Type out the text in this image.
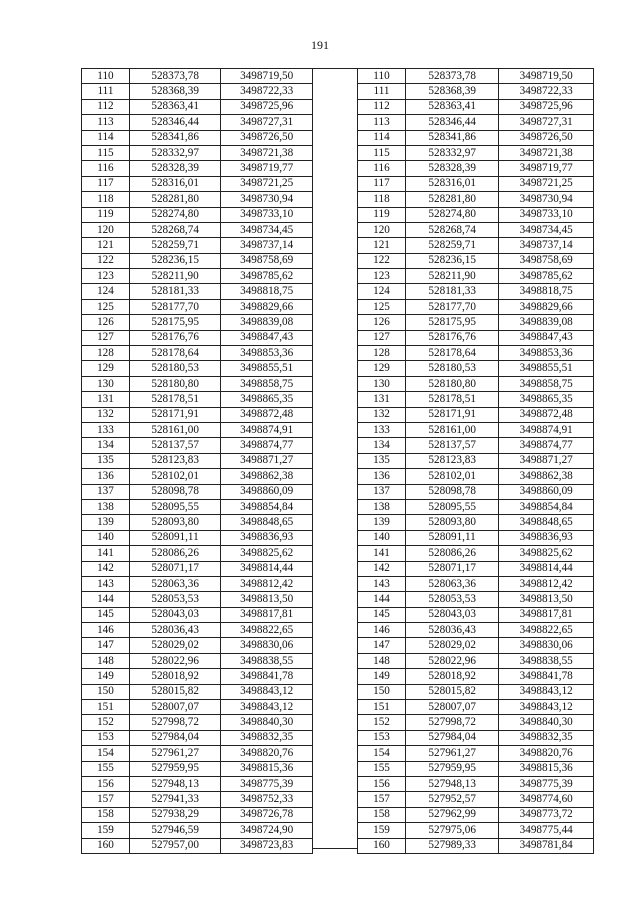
191
110	528373,78	3498719,50
111	528368,39	3498722,33
112	528363,41	3498725,96
113	528346,44	3498727,31
114	528341,86	3498726,50
115	528332,97	3498721,38
116	528328,39	3498719,77
117	528316,01	3498721,25
118	528281,80	3498730,94
119	528274,80	3498733,10
120	528268,74	3498734,45
121	528259,71	3498737,14
122	528236,15	3498758,69
123	528211,90	3498785,62
124	528181,33	3498818,75
125	528177,70	3498829,66
126	528175,95	3498839,08
127	528176,76	3498847,43
128	528178,64	3498853,36
129	528180,53	3498855,51
130	528180,80	3498858,75
131	528178,51	3498865,35
132	528171,91	3498872,48
133	528161,00	3498874,91
134	528137,57	3498874,77
135	528123,83	3498871,27
136	528102,01	3498862,38
137	528098,78	3498860,09
138	528095,55	3498854,84
139	528093,80	3498848,65
140	528091,11	3498836,93
141	528086,26	3498825,62
142	528071,17	3498814,44
143	528063,36	3498812,42
144	528053,53	3498813,50
145	528043,03	3498817,81
146	528036,43	3498822,65
147	528029,02	3498830,06
148	528022,96	3498838,55
149	528018,92	3498841,78
150	528015,82	3498843,12
151	528007,07	3498843,12
152	527998,72	3498840,30
153	527984,04	3498832,35
154	527961,27	3498820,76
155	527959,95	3498815,36
156	527948,13	3498775,39
157	527941,33	3498752,33
158	527938,29	3498726,78
159	527946,59	3498724,90
160	527957,00	3498723,83
110	528373,78	3498719,50
111	528368,39	3498722,33
112	528363,41	3498725,96
113	528346,44	3498727,31
114	528341,86	3498726,50
115	528332,97	3498721,38
116	528328,39	3498719,77
117	528316,01	3498721,25
118	528281,80	3498730,94
119	528274,80	3498733,10
120	528268,74	3498734,45
121	528259,71	3498737,14
122	528236,15	3498758,69
123	528211,90	3498785,62
124	528181,33	3498818,75
125	528177,70	3498829,66
126	528175,95	3498839,08
127	528176,76	3498847,43
128	528178,64	3498853,36
129	528180,53	3498855,51
130	528180,80	3498858,75
131	528178,51	3498865,35
132	528171,91	3498872,48
133	528161,00	3498874,91
134	528137,57	3498874,77
135	528123,83	3498871,27
136	528102,01	3498862,38
137	528098,78	3498860,09
138	528095,55	3498854,84
139	528093,80	3498848,65
140	528091,11	3498836,93
141	528086,26	3498825,62
142	528071,17	3498814,44
143	528063,36	3498812,42
144	528053,53	3498813,50
145	528043,03	3498817,81
146	528036,43	3498822,65
147	528029,02	3498830,06
148	528022,96	3498838,55
149	528018,92	3498841,78
150	528015,82	3498843,12
151	528007,07	3498843,12
152	527998,72	3498840,30
153	527984,04	3498832,35
154	527961,27	3498820,76
155	527959,95	3498815,36
156	527948,13	3498775,39
157	527952,57	3498774,60
158	527962,99	3498773,72
159	527975,06	3498775,44
160	527989,33	3498781,84
